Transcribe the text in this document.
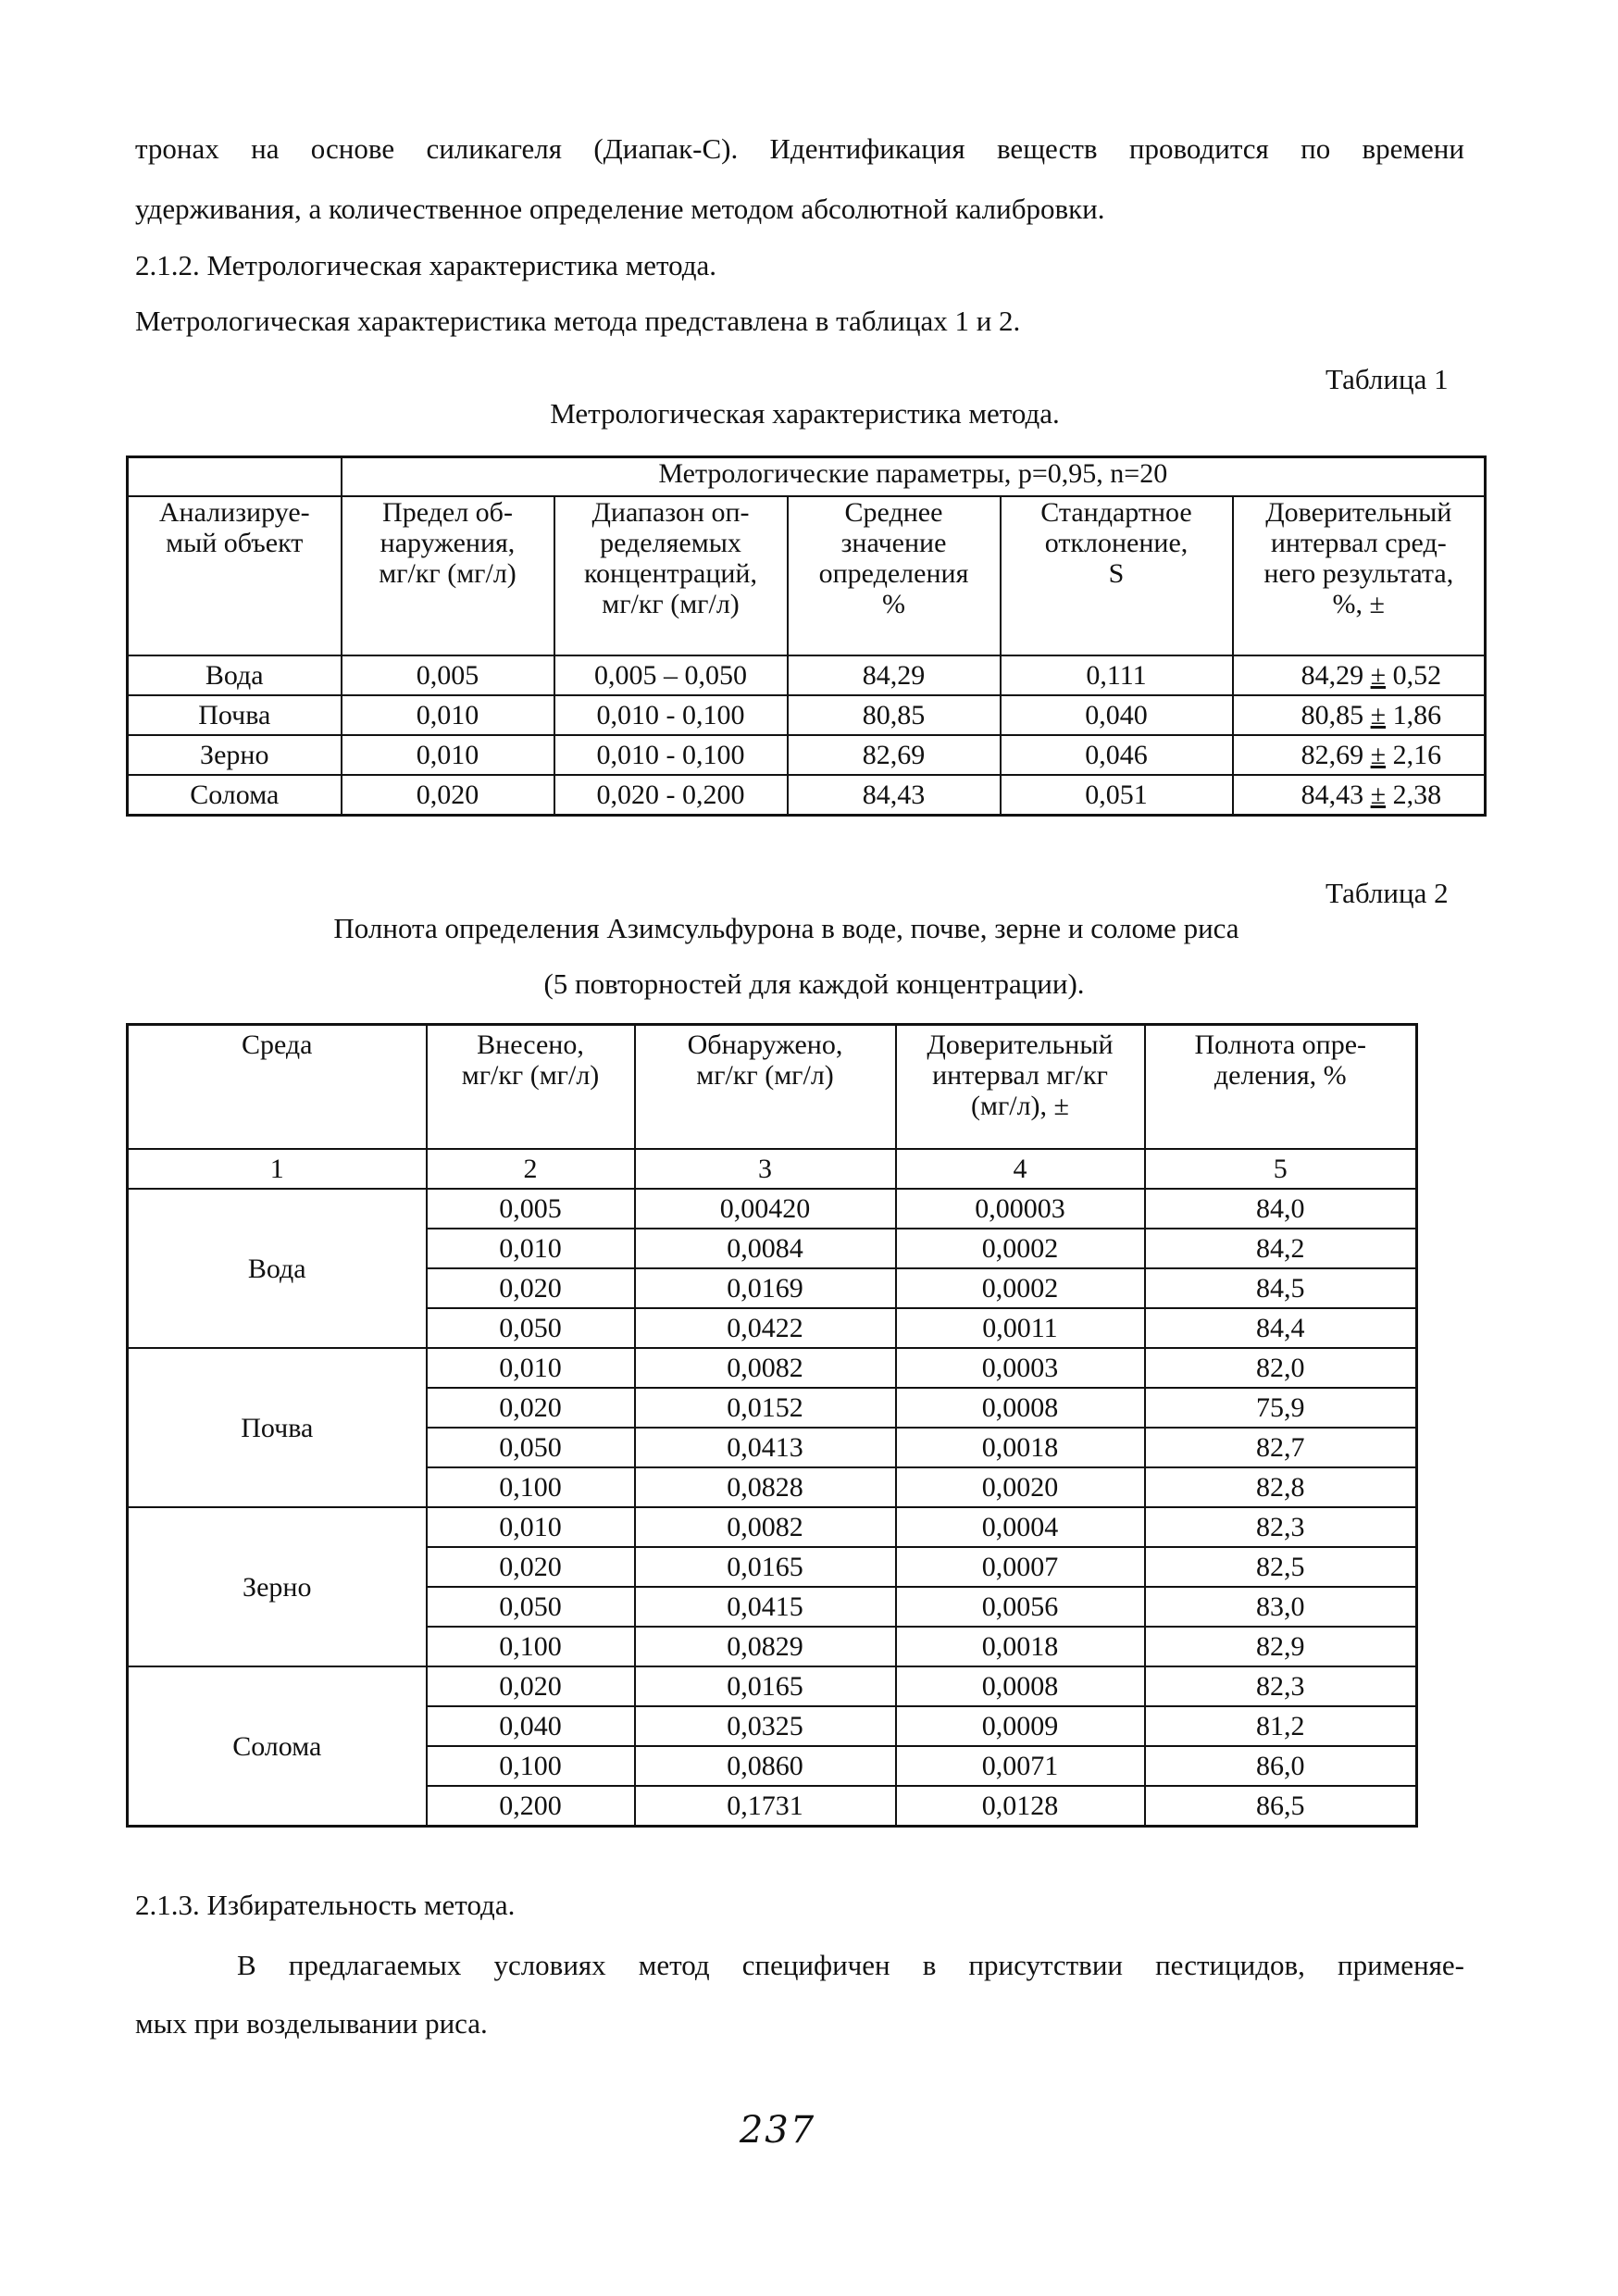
тронах на основе силикагеля (Диапак-С). Идентификация веществ проводится по времени
удерживания, а количественное определение методом абсолютной калибровки.
2.1.2. Метрологическая характеристика метода.
Метрологическая характеристика метода представлена в таблицах 1 и 2.
Таблица 1
Метрологическая характеристика метода.
	Метрологические параметры, р=0,95, n=20				
Анализируе-
мый объект	Предел об-
наружения,
мг/кг (мг/л)	Диапазон оп-
ределяемых
концентраций,
мг/кг (мг/л)	Среднее
значение
определения
%	Стандартное
отклонение,
S	Доверительный
интервал сред-
него результата,
%, ±
Вода	0,005	0,005 – 0,050	84,29	0,111	84,29 ± 0,52
Почва	0,010	0,010 - 0,100	80,85	0,040	80,85 ± 1,86
Зерно	0,010	0,010 - 0,100	82,69	0,046	82,69 ± 2,16
Солома	0,020	0,020 - 0,200	84,43	0,051	84,43 ± 2,38
Таблица 2
Полнота определения Азимсульфурона в воде, почве, зерне и соломе риса
(5 повторностей для каждой концентрации).
Среда	Внесено,
мг/кг (мг/л)	Обнаружено,
мг/кг (мг/л)	Доверительный
интервал мг/кг
(мг/л), ±	Полнота опре-
деления, %
1	2	3	4	5
Вода	0,005	0,00420	0,00003	84,0
	0,010	0,0084	0,0002	84,2
	0,020	0,0169	0,0002	84,5
	0,050	0,0422	0,0011	84,4
Почва	0,010	0,0082	0,0003	82,0
	0,020	0,0152	0,0008	75,9
	0,050	0,0413	0,0018	82,7
	0,100	0,0828	0,0020	82,8
Зерно	0,010	0,0082	0,0004	82,3
	0,020	0,0165	0,0007	82,5
	0,050	0,0415	0,0056	83,0
	0,100	0,0829	0,0018	82,9
Солома	0,020	0,0165	0,0008	82,3
	0,040	0,0325	0,0009	81,2
	0,100	0,0860	0,0071	86,0
	0,200	0,1731	0,0128	86,5
2.1.3. Избирательность метода.
В предлагаемых условиях метод специфичен в присутствии пестицидов, применяе-
мых при возделывании риса.
237
